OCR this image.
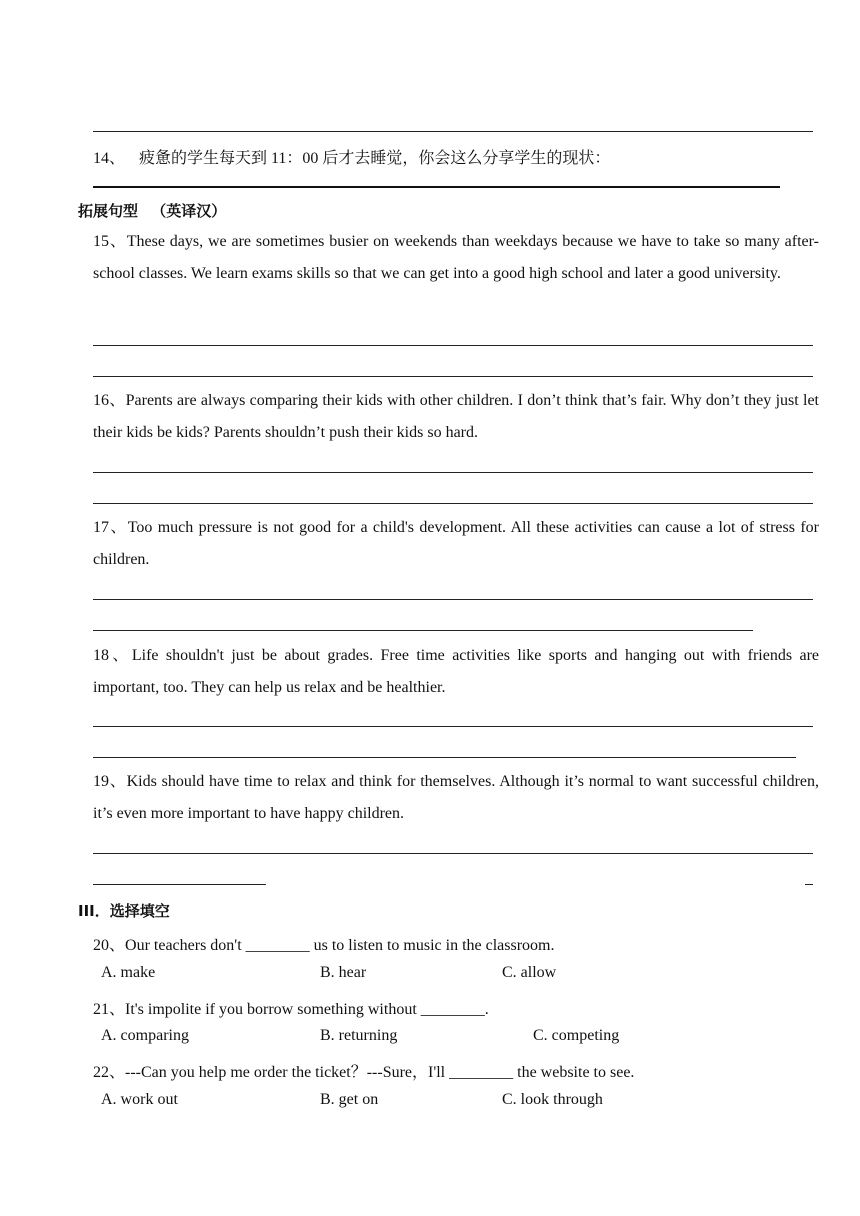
14、 疲惫的学生每天到 11：00 后才去睡觉，你会这么分享学生的现状：
拓展句型 （英译汉）
15、These days, we are sometimes busier on weekends than weekdays because we have to take so many after-school classes. We learn exams skills so that we can get into a good high school and later a good university.
16、Parents are always comparing their kids with other children. I don’t think that’s fair. Why don’t they just let their kids be kids? Parents shouldn’t push their kids so hard.
17、Too much pressure is not good for a child's development. All these activities can cause a lot of stress for children.
18、Life shouldn't just be about grades. Free time activities like sports and hanging out with friends are important, too. They can help us relax and be healthier.
19、Kids should have time to relax and think for themselves. Although it’s normal to want successful children, it’s even more important to have happy children.
III．选择填空
20、Our teachers don't ________ us to listen to music in the classroom.
A. make	B. hear	C. allow
21、It's impolite if you borrow something without ________.
A. comparing	B. returning	C. competing
22、---Can you help me order the ticket？---Sure，I'll ________ the website to see.
A. work out	B. get on	C. look through
